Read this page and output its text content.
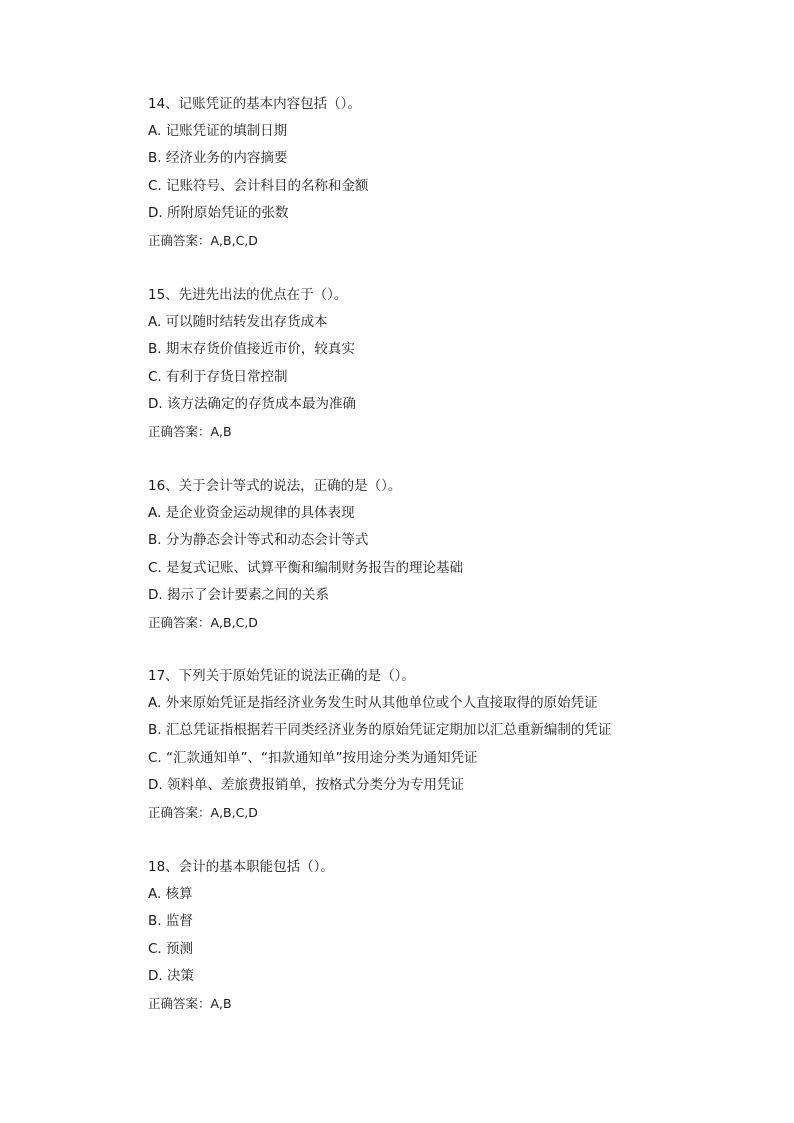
14、记账凭证的基本内容包括（）。
A. 记账凭证的填制日期
B. 经济业务的内容摘要
C. 记账符号、会计科目的名称和金额
D. 所附原始凭证的张数
正确答案：A,B,C,D
15、先进先出法的优点在于（）。
A. 可以随时结转发出存货成本
B. 期末存货价值接近市价，较真实
C. 有利于存货日常控制
D. 该方法确定的存货成本最为准确
正确答案：A,B
16、关于会计等式的说法，正确的是（）。
A. 是企业资金运动规律的具体表现
B. 分为静态会计等式和动态会计等式
C. 是复式记账、试算平衡和编制财务报告的理论基础
D. 揭示了会计要素之间的关系
正确答案：A,B,C,D
17、下列关于原始凭证的说法正确的是（）。
A. 外来原始凭证是指经济业务发生时从其他单位或个人直接取得的原始凭证
B. 汇总凭证指根据若干同类经济业务的原始凭证定期加以汇总重新编制的凭证
C. “汇款通知单”、“扣款通知单”按用途分类为通知凭证
D. 领料单、差旅费报销单，按格式分类分为专用凭证
正确答案：A,B,C,D
18、会计的基本职能包括（）。
A. 核算
B. 监督
C. 预测
D. 决策
正确答案：A,B
